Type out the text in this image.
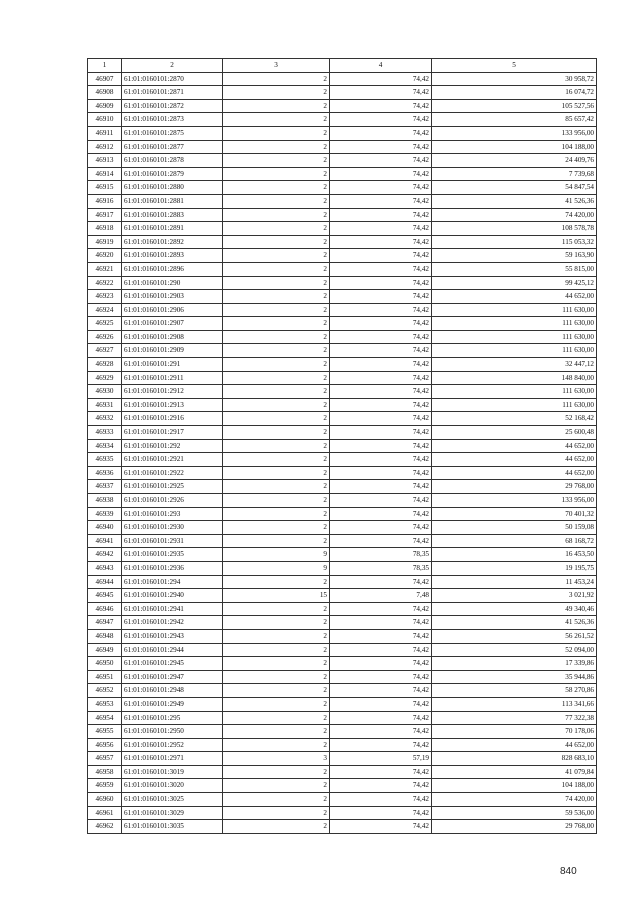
1	2	3	4	5
46907	61:01:0160101:2870	2	74,42	30 958,72
46908	61:01:0160101:2871	2	74,42	16 074,72
46909	61:01:0160101:2872	2	74,42	105 527,56
46910	61:01:0160101:2873	2	74,42	85 657,42
46911	61:01:0160101:2875	2	74,42	133 956,00
46912	61:01:0160101:2877	2	74,42	104 188,00
46913	61:01:0160101:2878	2	74,42	24 409,76
46914	61:01:0160101:2879	2	74,42	7 739,68
46915	61:01:0160101:2880	2	74,42	54 847,54
46916	61:01:0160101:2881	2	74,42	41 526,36
46917	61:01:0160101:2883	2	74,42	74 420,00
46918	61:01:0160101:2891	2	74,42	108 578,78
46919	61:01:0160101:2892	2	74,42	115 053,32
46920	61:01:0160101:2893	2	74,42	59 163,90
46921	61:01:0160101:2896	2	74,42	55 815,00
46922	61:01:0160101:290	2	74,42	99 425,12
46923	61:01:0160101:2903	2	74,42	44 652,00
46924	61:01:0160101:2906	2	74,42	111 630,00
46925	61:01:0160101:2907	2	74,42	111 630,00
46926	61:01:0160101:2908	2	74,42	111 630,00
46927	61:01:0160101:2909	2	74,42	111 630,00
46928	61:01:0160101:291	2	74,42	32 447,12
46929	61:01:0160101:2911	2	74,42	148 840,00
46930	61:01:0160101:2912	2	74,42	111 630,00
46931	61:01:0160101:2913	2	74,42	111 630,00
46932	61:01:0160101:2916	2	74,42	52 168,42
46933	61:01:0160101:2917	2	74,42	25 600,48
46934	61:01:0160101:292	2	74,42	44 652,00
46935	61:01:0160101:2921	2	74,42	44 652,00
46936	61:01:0160101:2922	2	74,42	44 652,00
46937	61:01:0160101:2925	2	74,42	29 768,00
46938	61:01:0160101:2926	2	74,42	133 956,00
46939	61:01:0160101:293	2	74,42	70 401,32
46940	61:01:0160101:2930	2	74,42	50 159,08
46941	61:01:0160101:2931	2	74,42	68 168,72
46942	61:01:0160101:2935	9	78,35	16 453,50
46943	61:01:0160101:2936	9	78,35	19 195,75
46944	61:01:0160101:294	2	74,42	11 453,24
46945	61:01:0160101:2940	15	7,48	3 021,92
46946	61:01:0160101:2941	2	74,42	49 340,46
46947	61:01:0160101:2942	2	74,42	41 526,36
46948	61:01:0160101:2943	2	74,42	56 261,52
46949	61:01:0160101:2944	2	74,42	52 094,00
46950	61:01:0160101:2945	2	74,42	17 339,86
46951	61:01:0160101:2947	2	74,42	35 944,86
46952	61:01:0160101:2948	2	74,42	58 270,86
46953	61:01:0160101:2949	2	74,42	113 341,66
46954	61:01:0160101:295	2	74,42	77 322,38
46955	61:01:0160101:2950	2	74,42	70 178,06
46956	61:01:0160101:2952	2	74,42	44 652,00
46957	61:01:0160101:2971	3	57,19	828 683,10
46958	61:01:0160101:3019	2	74,42	41 079,84
46959	61:01:0160101:3020	2	74,42	104 188,00
46960	61:01:0160101:3025	2	74,42	74 420,00
46961	61:01:0160101:3029	2	74,42	59 536,00
46962	61:01:0160101:3035	2	74,42	29 768,00
840
